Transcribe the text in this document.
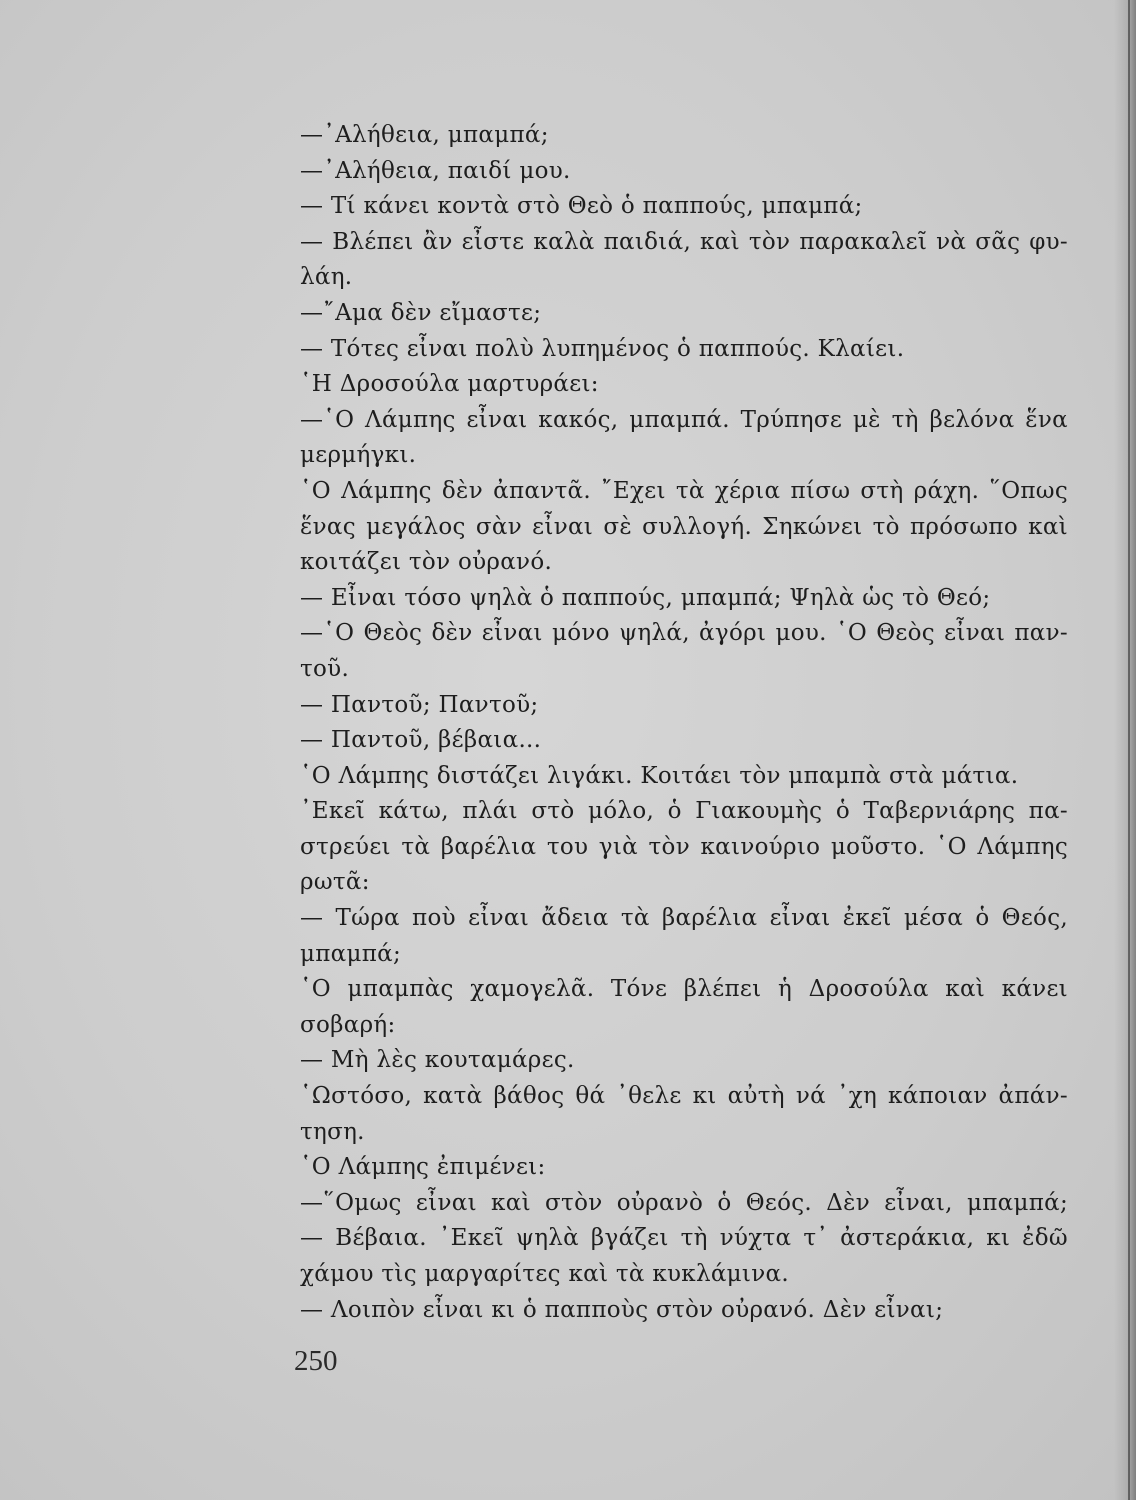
—᾿Αλήθεια, μπαμπά;
—᾿Αλήθεια, παιδί μου.
— Τί κάνει κοντὰ στὸ Θεὸ ὁ παππούς, μπαμπά;
— Βλέπει ἂν εἶστε καλὰ παιδιά, καὶ τὸν παρακαλεῖ νὰ σᾶς φυ-
λάη.
—῎Αμα δὲν εἴμαστε;
— Τότες εἶναι πολὺ λυπημένος ὁ παππούς. Κλαίει.
῾Η Δροσούλα μαρτυράει:
—῾Ο Λάμπης εἶναι κακός, μπαμπά. Τρύπησε μὲ τὴ βελόνα ἕνα
μερμήγκι.
῾Ο Λάμπης δὲν ἀπαντᾶ. ῎Εχει τὰ χέρια πίσω στὴ ράχη. ῞Οπως
ἕνας μεγάλος σὰν εἶναι σὲ συλλογή. Σηκώνει τὸ πρόσωπο καὶ
κοιτάζει τὸν οὐρανό.
— Εἶναι τόσο ψηλὰ ὁ παππούς, μπαμπά; Ψηλὰ ὡς τὸ Θεό;
—῾Ο Θεὸς δὲν εἶναι μόνο ψηλά, ἀγόρι μου. ῾Ο Θεὸς εἶναι παν-
τοῦ.
— Παντοῦ; Παντοῦ;
— Παντοῦ, βέβαια...
῾Ο Λάμπης διστάζει λιγάκι. Κοιτάει τὸν μπαμπὰ στὰ μάτια.
᾿Εκεῖ κάτω, πλάι στὸ μόλο, ὁ Γιακουμὴς ὁ Ταβερνιάρης πα-
στρεύει τὰ βαρέλια του γιὰ τὸν καινούριο μοῦστο. ῾Ο Λάμπης
ρωτᾶ:
— Τώρα ποὺ εἶναι ἄδεια τὰ βαρέλια εἶναι ἐκεῖ μέσα ὁ Θεός,
μπαμπά;
῾Ο μπαμπὰς χαμογελᾶ. Τόνε βλέπει ἡ Δροσούλα καὶ κάνει
σοβαρή:
— Μὴ λὲς κουταμάρες.
῾Ωστόσο, κατὰ βάθος θά ᾿θελε κι αὐτὴ νά ᾿χη κάποιαν ἀπάν-
τηση.
῾Ο Λάμπης ἐπιμένει:
—῞Ομως εἶναι καὶ στὸν οὐρανὸ ὁ Θεός. Δὲν εἶναι, μπαμπά;
— Βέβαια. ᾿Εκεῖ ψηλὰ βγάζει τὴ νύχτα τ᾿ ἀστεράκια, κι ἐδῶ
χάμου τὶς μαργαρίτες καὶ τὰ κυκλάμινα.
— Λοιπὸν εἶναι κι ὁ παπποὺς στὸν οὐρανό. Δὲν εἶναι;
250
